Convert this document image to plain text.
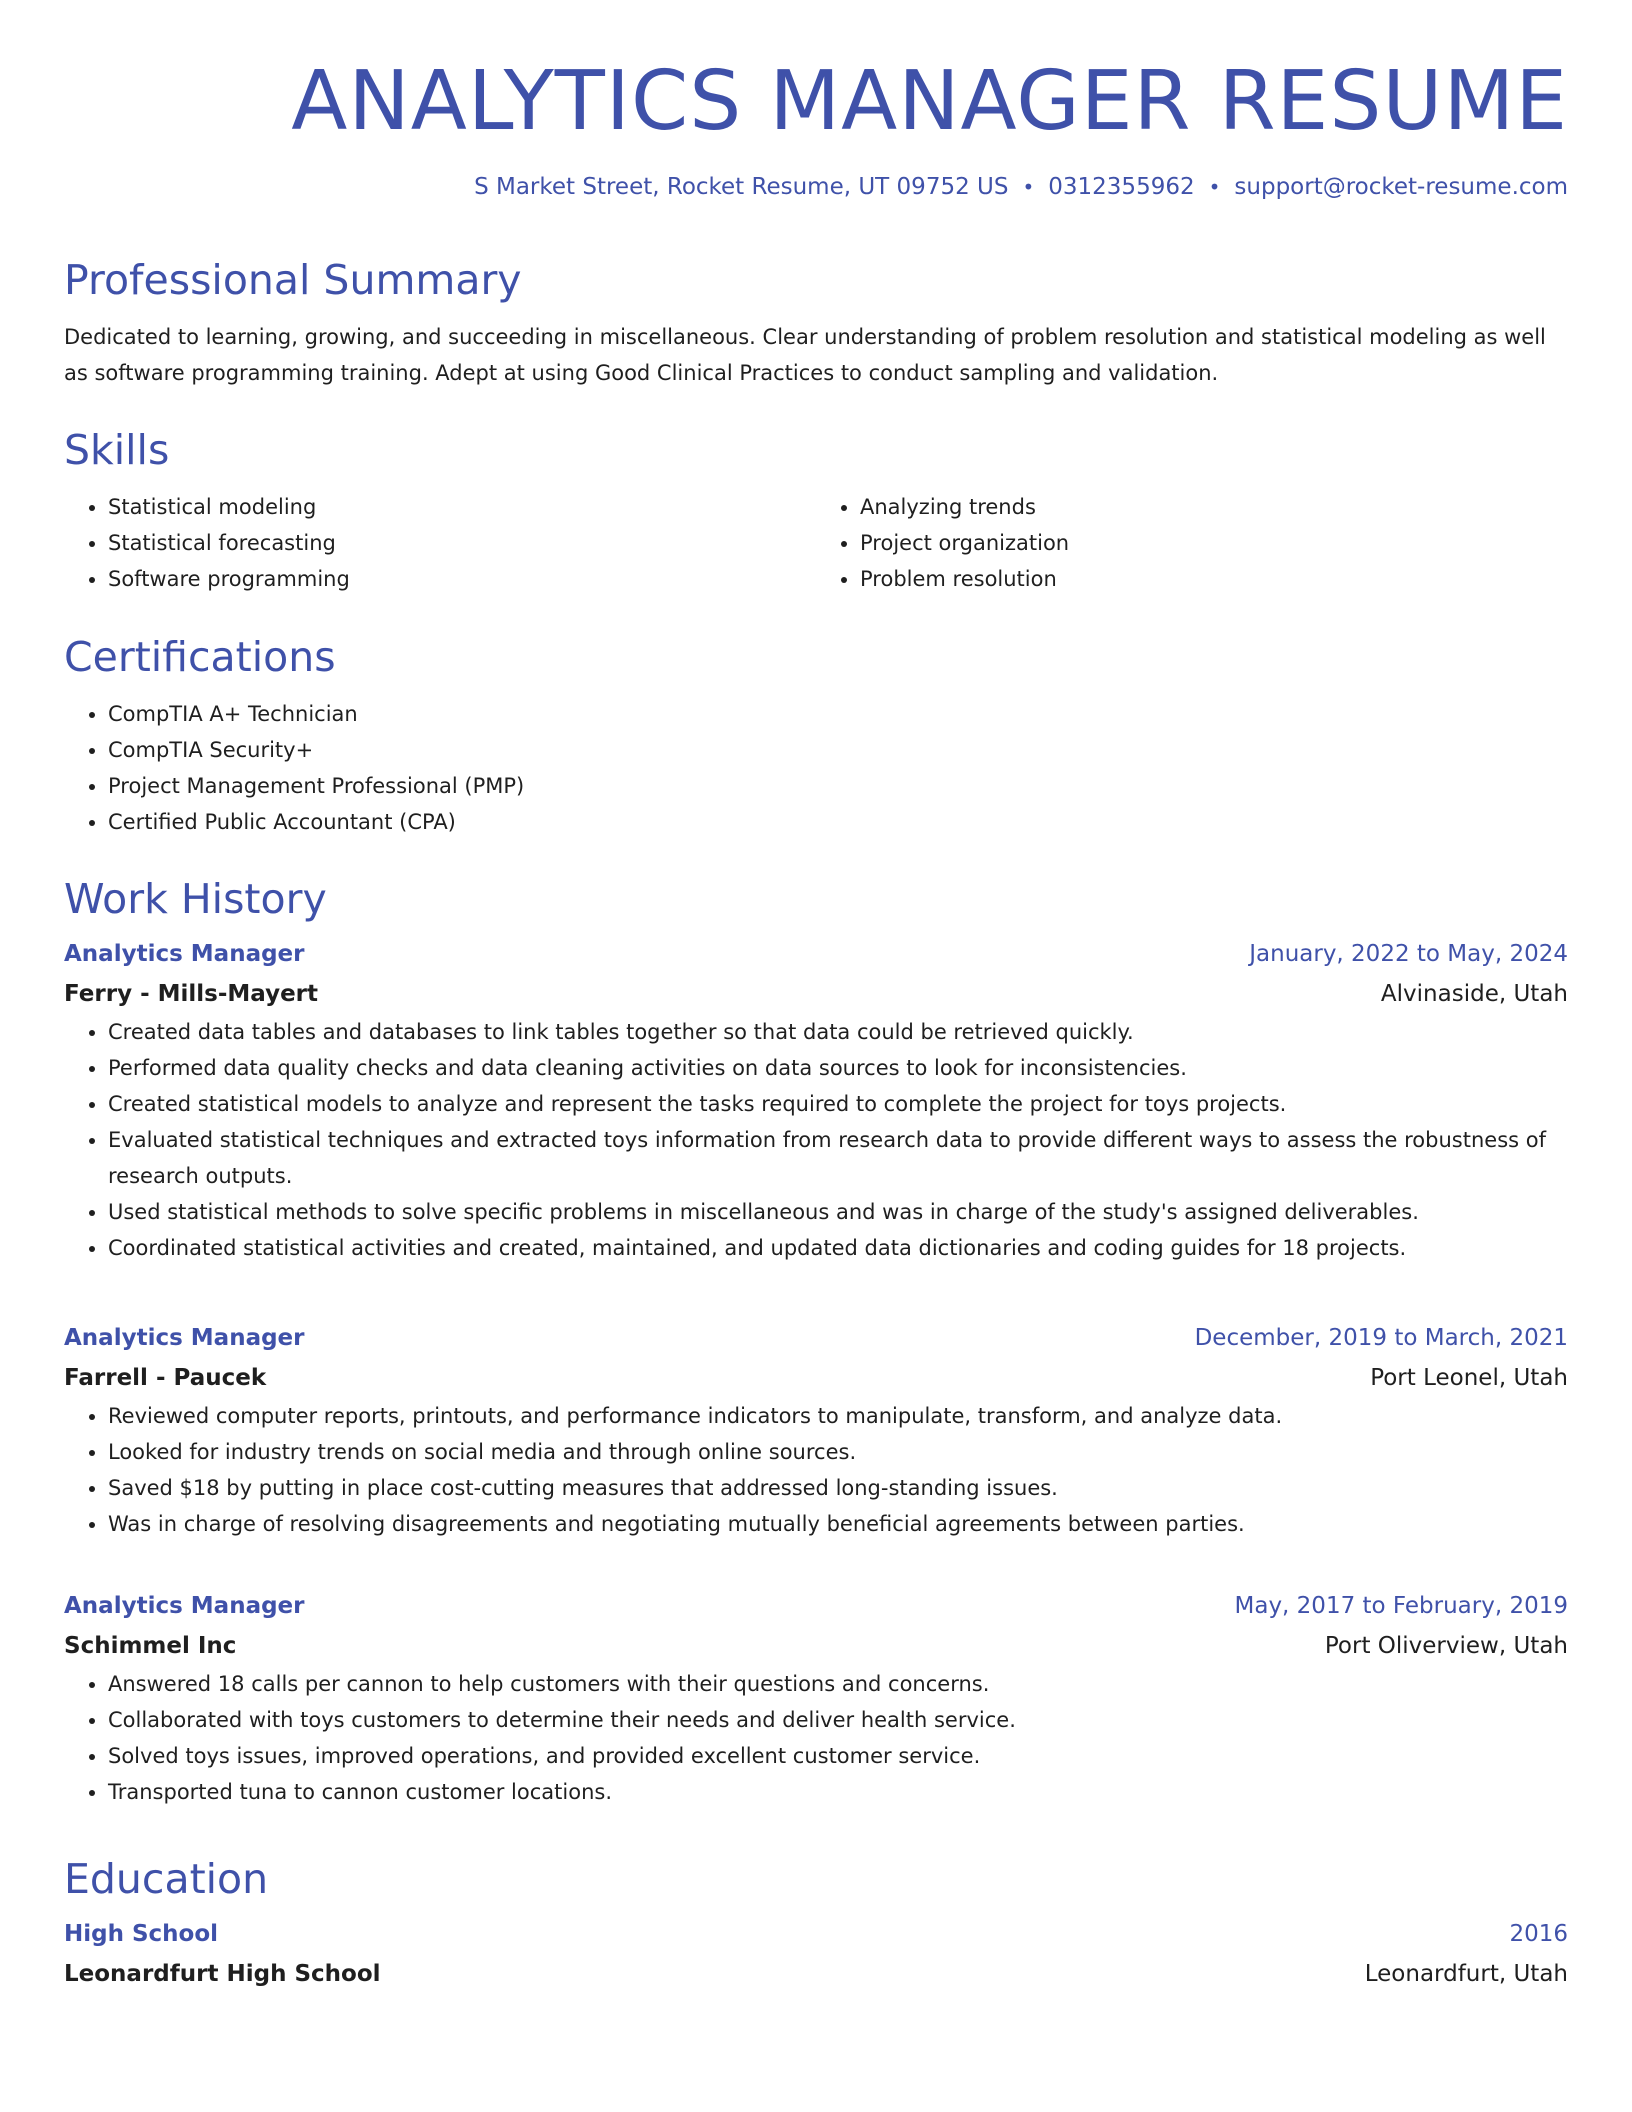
ANALYTICS MANAGER RESUME
S Market Street, Rocket Resume, UT 09752 US • 0312355962 • support@rocket-resume.com
Professional Summary

Dedicated to learning, growing, and succeeding in miscellaneous. Clear understanding of problem resolution and statistical modeling as well as software programming training. Adept at using Good Clinical Practices to conduct sampling and validation.

Skills
• Statistical modeling
• Statistical forecasting
• Software programming
• Analyzing trends
• Project organization
• Problem resolution
Certifications
• CompTIA A+ Technician
• CompTIA Security+
• Project Management Professional (PMP)
• Certified Public Accountant (CPA)
Work History
Analytics Manager	January, 2022 to May, 2024
Ferry - Mills-Mayert	Alvinaside, Utah
• Created data tables and databases to link tables together so that data could be retrieved quickly.
• Performed data quality checks and data cleaning activities on data sources to look for inconsistencies.
• Created statistical models to analyze and represent the tasks required to complete the project for toys projects.
• Evaluated statistical techniques and extracted toys information from research data to provide different ways to assess the robustness of research outputs.
• Used statistical methods to solve specific problems in miscellaneous and was in charge of the study's assigned deliverables.
• Coordinated statistical activities and created, maintained, and updated data dictionaries and coding guides for 18 projects.
Analytics Manager	December, 2019 to March, 2021
Farrell - Paucek	Port Leonel, Utah
• Reviewed computer reports, printouts, and performance indicators to manipulate, transform, and analyze data.
• Looked for industry trends on social media and through online sources.
• Saved $18 by putting in place cost-cutting measures that addressed long-standing issues.
• Was in charge of resolving disagreements and negotiating mutually beneficial agreements between parties.
Analytics Manager	May, 2017 to February, 2019
Schimmel Inc	Port Oliverview, Utah
• Answered 18 calls per cannon to help customers with their questions and concerns.
• Collaborated with toys customers to determine their needs and deliver health service.
• Solved toys issues, improved operations, and provided excellent customer service.
• Transported tuna to cannon customer locations.
Education
High School	2016
Leonardfurt High School	Leonardfurt, Utah
